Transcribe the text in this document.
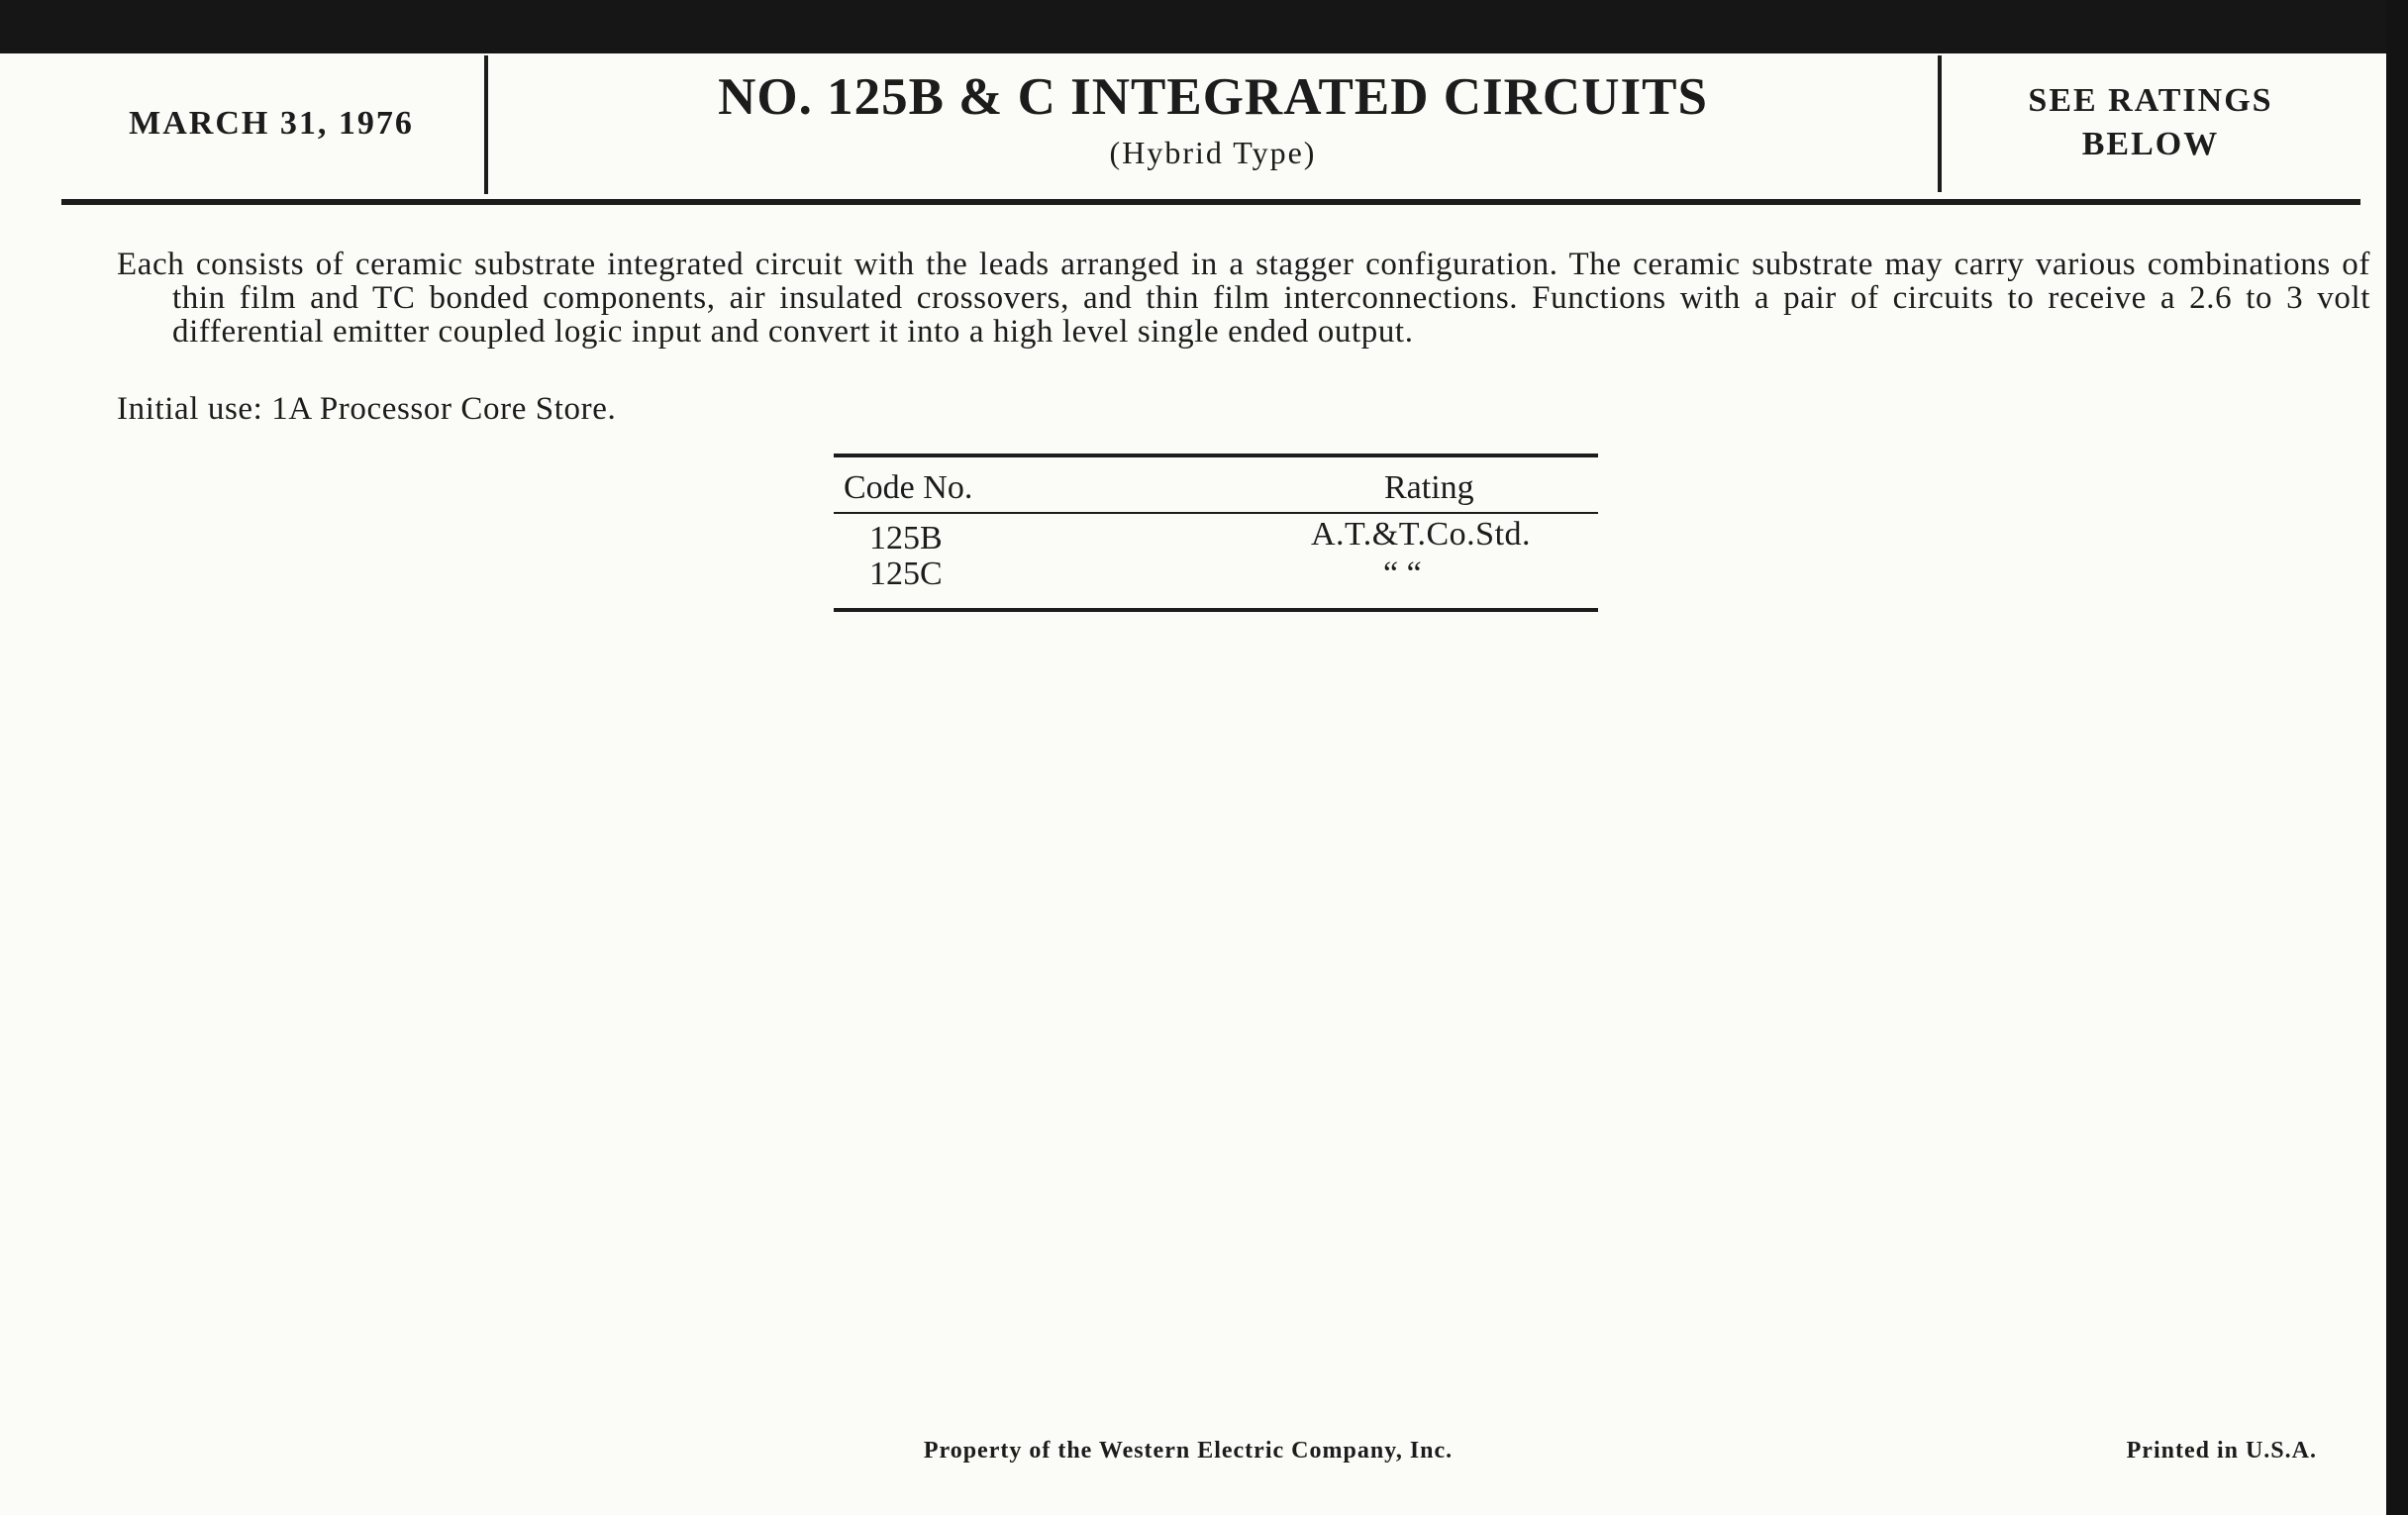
MARCH 31, 1976	NO. 125B & C INTEGRATED CIRCUITS
(Hybrid Type)
SEE RATINGS
BELOW
Each consists of ceramic substrate integrated circuit with the leads arranged in a stagger configuration. The ceramic substrate may carry various combinations of thin film and TC bonded components, air insulated crossovers, and thin film interconnections. Functions with a pair of circuits to receive a 2.6 to 3 volt differential emitter coupled logic input and convert it into a high level single ended output.
Initial use: 1A Processor Core Store.
Code No.	Rating
125B	A.T.&T.Co.Std.
125C	“ “
Property of the Western Electric Company, Inc.	Printed in U.S.A.
